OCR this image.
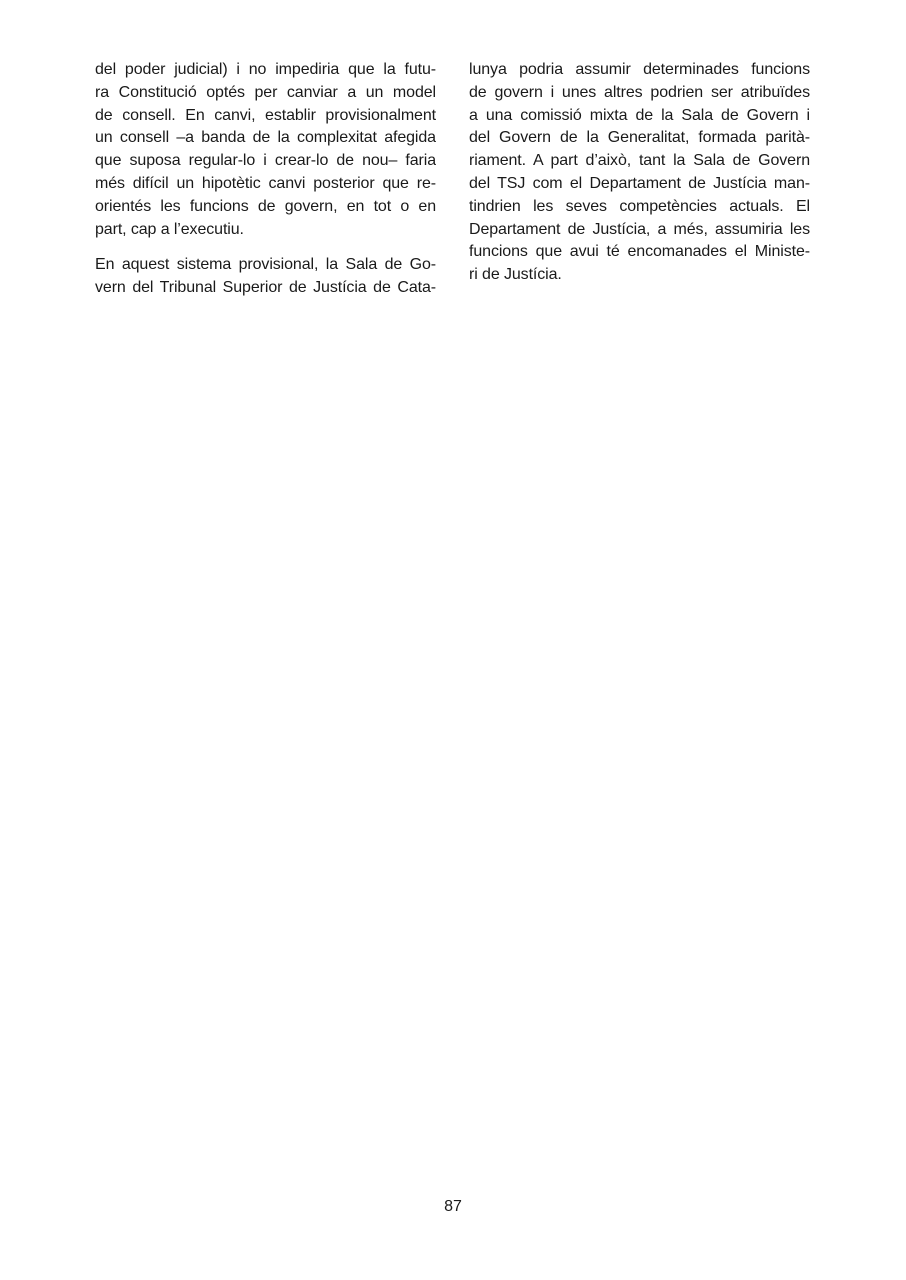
del poder judicial) i no impediria que la futu-
ra Constitució optés per canviar a un model
de consell. En canvi, establir provisionalment
un consell –a banda de la complexitat afegida
que suposa regular-lo i crear-lo de nou– faria
més difícil un hipotètic canvi posterior que re-
orientés les funcions de govern, en tot o en
part, cap a l’executiu.
En aquest sistema provisional, la Sala de Go-
vern del Tribunal Superior de Justícia de Cata-
lunya podria assumir determinades funcions
de govern i unes altres podrien ser atribuïdes
a una comissió mixta de la Sala de Govern i
del Govern de la Generalitat, formada parità-
riament. A part d’això, tant la Sala de Govern
del TSJ com el Departament de Justícia man-
tindrien les seves competències actuals. El
Departament de Justícia, a més, assumiria les
funcions que avui té encomanades el Ministe-
ri de Justícia.
87
